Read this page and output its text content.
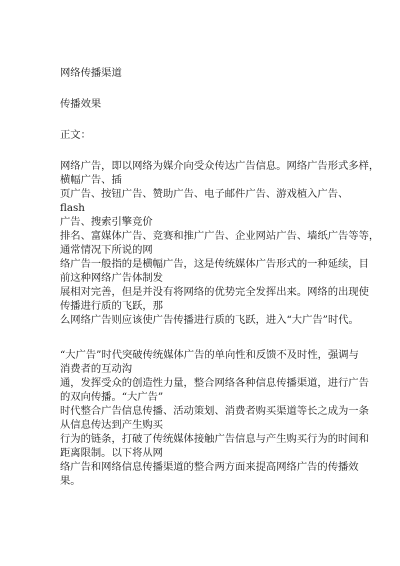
网络传播渠道
传播效果
正文：
网络广告，即以网络为媒介向受众传达广告信息。网络广告形式多样，
横幅广告、插
页广告、按钮广告、赞助广告、电子邮件广告、游戏植入广告、
flash
广告、搜索引擎竞价
排名、富媒体广告、竞赛和推广广告、企业网站广告、墙纸广告等等，
通常情况下所说的网
络广告一般指的是横幅广告，这是传统媒体广告形式的一种延续，目
前这种网络广告体制发
展相对完善，但是并没有将网络的优势完全发挥出来。网络的出现使
传播进行质的飞跃，那
么网络广告则应该使广告传播进行质的飞跃，进入“大广告”时代。
“大广告”时代突破传统媒体广告的单向性和反馈不及时性，强调与
消费者的互动沟
通，发挥受众的创造性力量，整合网络各种信息传播渠道，进行广告
的双向传播。“大广告”
时代整合广告信息传播、活动策划、消费者购买渠道等长之成为一条
从信息传达到产生购买
行为的链条，打破了传统媒体接触广告信息与产生购买行为的时间和
距离限制。以下将从网
络广告和网络信息传播渠道的整合两方面来提高网络广告的传播效
果。
